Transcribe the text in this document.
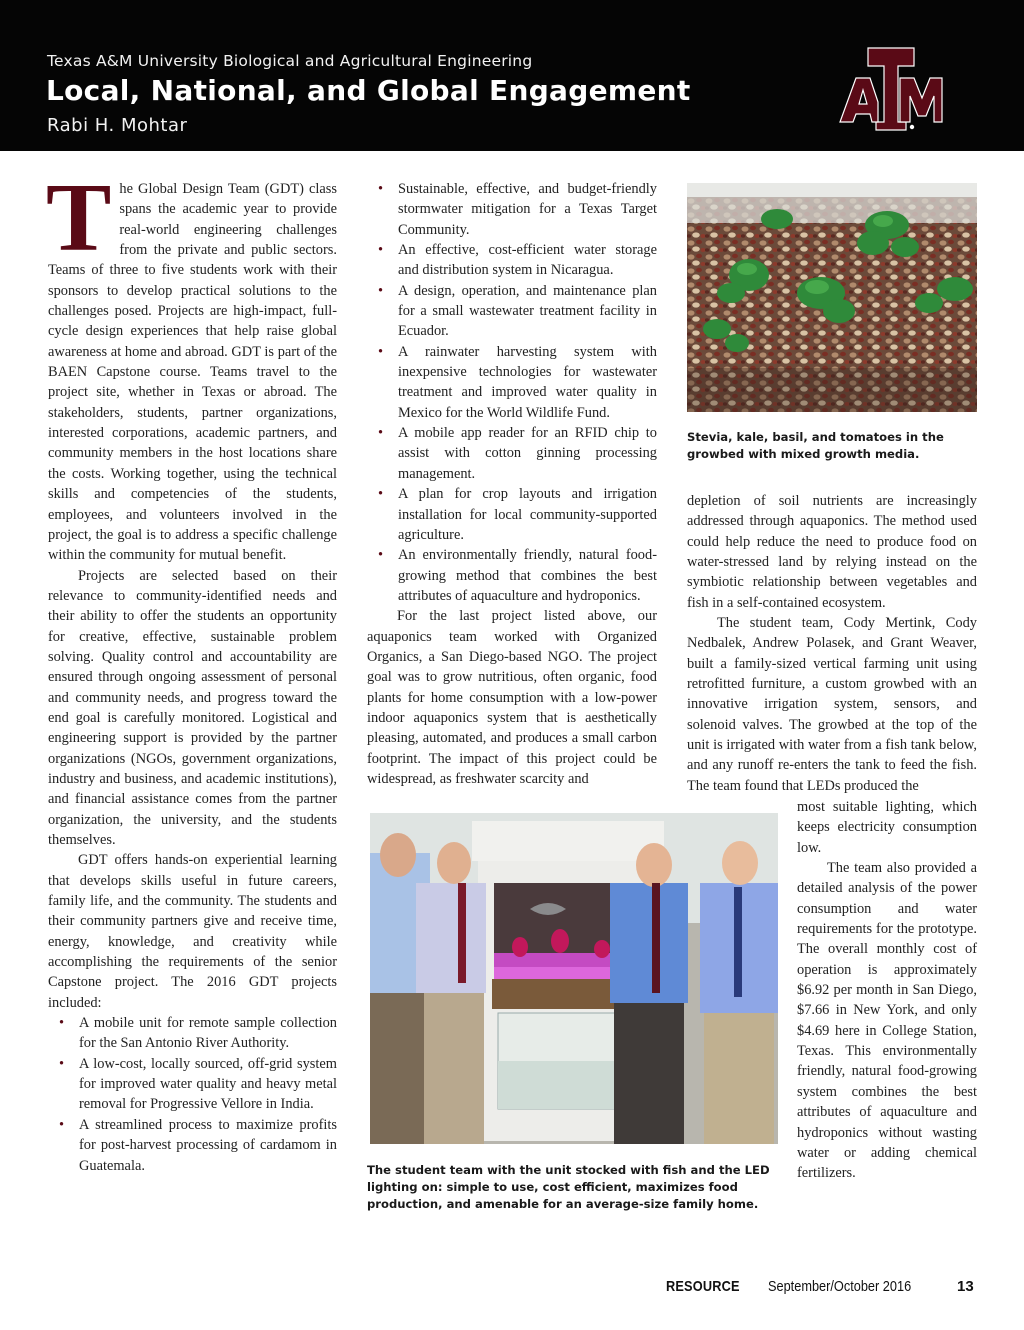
Texas A&M University Biological and Agricultural Engineering
Local, National, and Global Engagement
Rabi H. Mohtar

The Global Design Team (GDT) class spans the academic year to provide real-world engineering challenges from the private and public sectors. Teams of three to five students work with their sponsors to develop practical solutions to the challenges posed. Projects are high-impact, full-cycle design experiences that help raise global awareness at home and abroad. GDT is part of the BAEN Capstone course. Teams travel to the project site, whether in Texas or abroad. The stakeholders, students, partner organizations, interested corporations, academic partners, and community members in the host locations share the costs. Working together, using the technical skills and competencies of the students, employees, and volunteers involved in the project, the goal is to address a specific challenge within the community for mutual benefit.

Projects are selected based on their relevance to community-identified needs and their ability to offer the students an opportunity for creative, effective, sustainable problem solving. Quality control and accountability are ensured through ongoing assessment of personal and community needs, and progress toward the end goal is carefully monitored. Logistical and engineering support is provided by the partner organizations (NGOs, government organizations, industry and business, and academic institutions), and financial assistance comes from the partner organization, the university, and the students themselves.

GDT offers hands-on experiential learning that develops skills useful in future careers, family life, and the community. The students and their community partners give and receive time, energy, knowledge, and creativity while accomplishing the requirements of the senior Capstone project. The 2016 GDT projects included:

• A mobile unit for remote sample collection for the San Antonio River Authority.
• A low-cost, locally sourced, off-grid system for improved water quality and heavy metal removal for Progressive Vellore in India.
• A streamlined process to maximize profits for post-harvest processing of cardamom in Guatemala.
• Sustainable, effective, and budget-friendly stormwater mitigation for a Texas Target Community.
• An effective, cost-efficient water storage and distribution system in Nicaragua.
• A design, operation, and maintenance plan for a small wastewater treatment facility in Ecuador.
• A rainwater harvesting system with inexpensive technologies for wastewater treatment and improved water quality in Mexico for the World Wildlife Fund.
• A mobile app reader for an RFID chip to assist with cotton ginning processing management.
• A plan for crop layouts and irrigation installation for local community-supported agriculture.
• An environmentally friendly, natural food-growing method that combines the best attributes of aquaculture and hydroponics.

For the last project listed above, our aquaponics team worked with Organized Organics, a San Diego-based NGO. The project goal was to grow nutritious, often organic, food plants for home consumption with a low-power indoor aquaponics system that is aesthetically pleasing, automated, and produces a small carbon footprint. The impact of this project could be widespread, as freshwater scarcity and

Stevia, kale, basil, and tomatoes in the growbed with mixed growth media.

depletion of soil nutrients are increasingly addressed through aquaponics. The method used could help reduce the need to produce food on water-stressed land by relying instead on the symbiotic relationship between vegetables and fish in a self-contained ecosystem.

The student team, Cody Mertink, Cody Nedbalek, Andrew Polasek, and Grant Weaver, built a family-sized vertical farming unit using retrofitted furniture, a custom growbed with an innovative irrigation system, sensors, and solenoid valves. The growbed at the top of the unit is irrigated with water from a fish tank below, and any runoff re-enters the tank to feed the fish. The team found that LEDs produced the

most suitable lighting, which keeps electricity consumption low.

The team also provided a detailed analysis of the power consumption and water requirements for the prototype. The overall monthly cost of operation is approximately $6.92 per month in San Diego, $7.66 in New York, and only $4.69 here in College Station, Texas. This environmentally friendly, natural food-growing system combines the best attributes of aquaculture and hydroponics without wasting water or adding chemical fertilizers.

The student team with the unit stocked with fish and the LED lighting on: simple to use, cost efficient, maximizes food production, and amenable for an average-size family home.
RESOURCE September/October 2016	13
